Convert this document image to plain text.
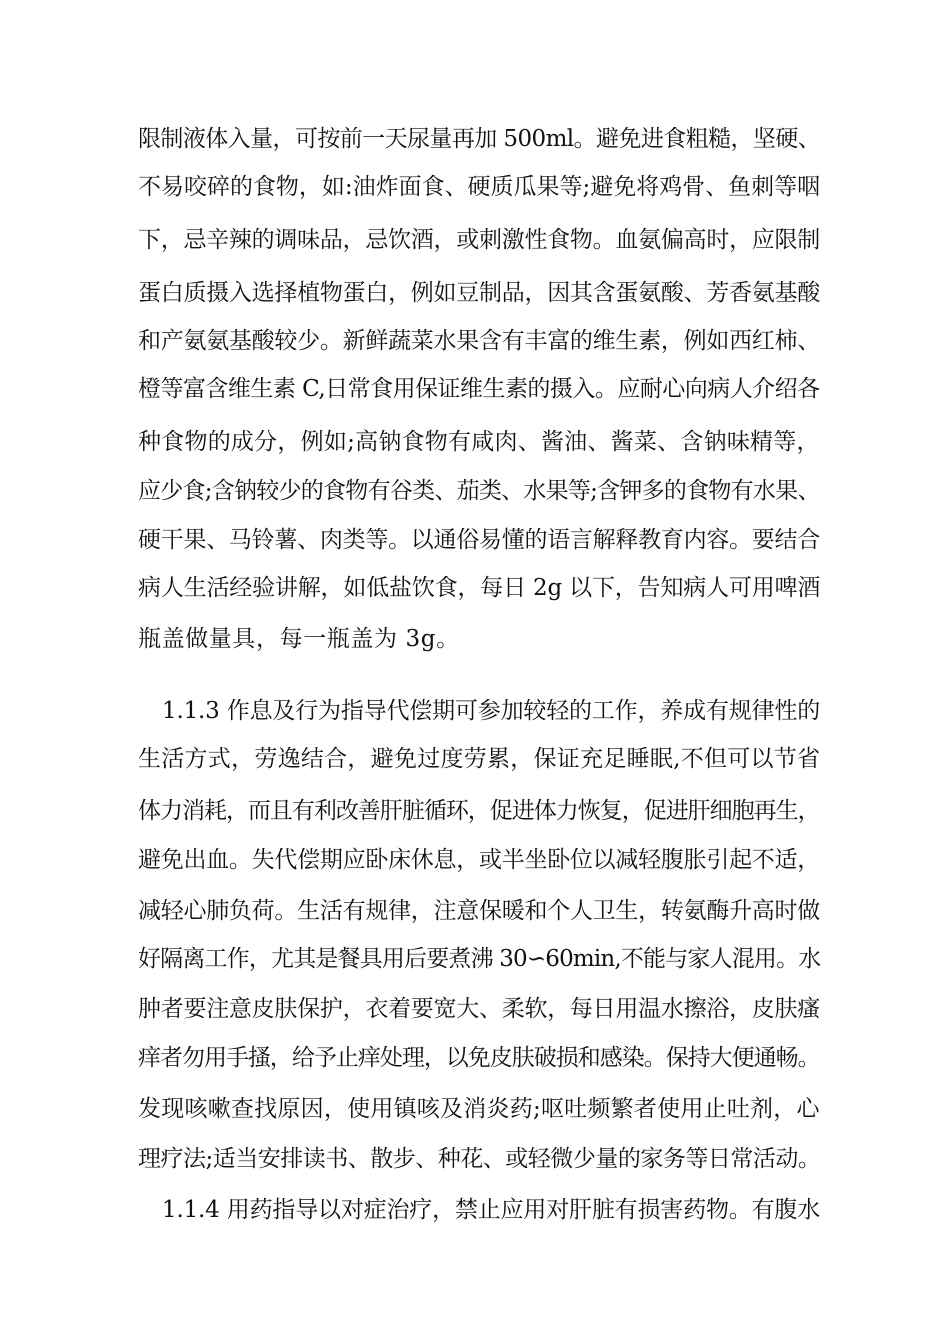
限制液体入量，可按前一天尿量再加 500ml。避免进食粗糙，坚硬、
不易咬碎的食物，如:油炸面食、硬质瓜果等;避免将鸡骨、鱼刺等咽
下，忌辛辣的调味品，忌饮酒，或刺激性食物。血氨偏高时，应限制
蛋白质摄入选择植物蛋白，例如豆制品，因其含蛋氨酸、芳香氨基酸
和产氨氨基酸较少。新鲜蔬菜水果含有丰富的维生素，例如西红柿、
橙等富含维生素 C,日常食用保证维生素的摄入。应耐心向病人介绍各
种食物的成分，例如;高钠食物有咸肉、酱油、酱菜、含钠味精等，
应少食;含钠较少的食物有谷类、茄类、水果等;含钾多的食物有水果、
硬干果、马铃薯、肉类等。以通俗易懂的语言解释教育内容。要结合
病人生活经验讲解，如低盐饮食，每日 2g 以下，告知病人可用啤酒
瓶盖做量具，每一瓶盖为 3g。
1.1.3 作息及行为指导代偿期可参加较轻的工作，养成有规律性的
生活方式，劳逸结合，避免过度劳累，保证充足睡眠,不但可以节省
体力消耗，而且有利改善肝脏循环，促进体力恢复，促进肝细胞再生，
避免出血。失代偿期应卧床休息，或半坐卧位以减轻腹胀引起不适，
减轻心肺负荷。生活有规律，注意保暖和个人卫生，转氨酶升高时做
好隔离工作，尤其是餐具用后要煮沸 30∽60min,不能与家人混用。水
肿者要注意皮肤保护，衣着要宽大、柔软，每日用温水擦浴，皮肤瘙
痒者勿用手搔，给予止痒处理，以免皮肤破损和感染。保持大便通畅。
发现咳嗽查找原因，使用镇咳及消炎药;呕吐频繁者使用止吐剂，心
理疗法;适当安排读书、散步、种花、或轻微少量的家务等日常活动。
1.1.4 用药指导以对症治疗，禁止应用对肝脏有损害药物。有腹水
